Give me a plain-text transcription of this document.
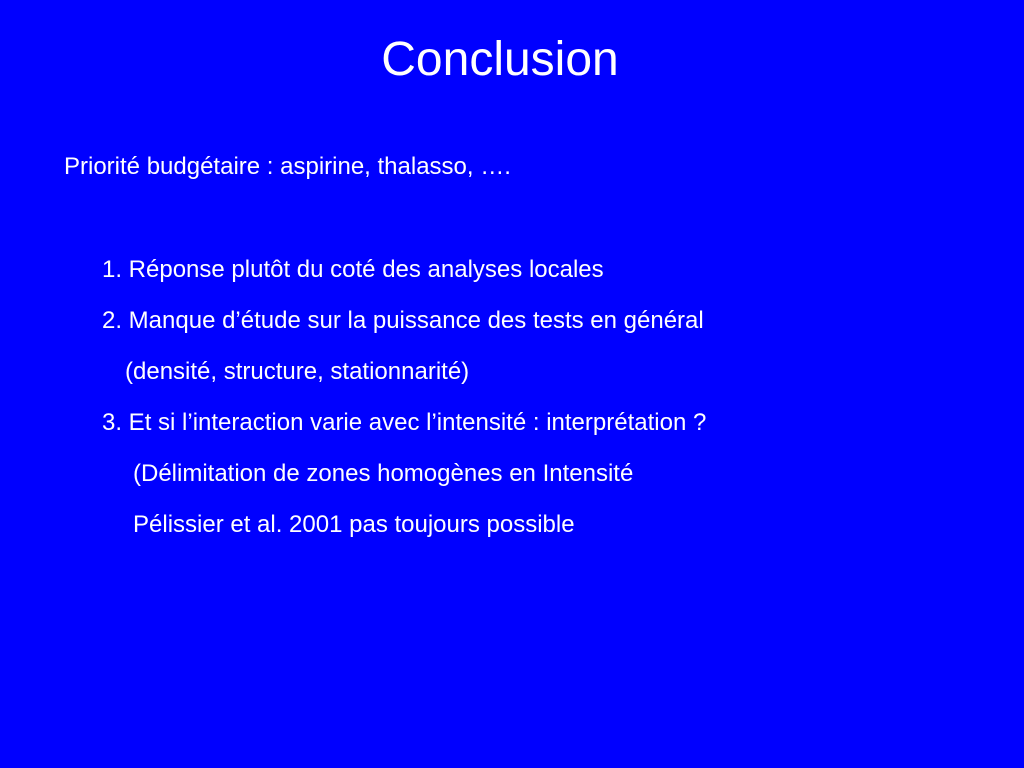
Conclusion

Priorité budgétaire : aspirine, thalasso, ….

1. Réponse plutôt du coté des analyses locales

2. Manque d’étude sur la puissance des tests en général

(densité, structure, stationnarité)

3. Et si l’interaction varie avec l’intensité : interprétation ?

(Délimitation de zones homogènes en Intensité

Pélissier et al. 2001 pas toujours possible
